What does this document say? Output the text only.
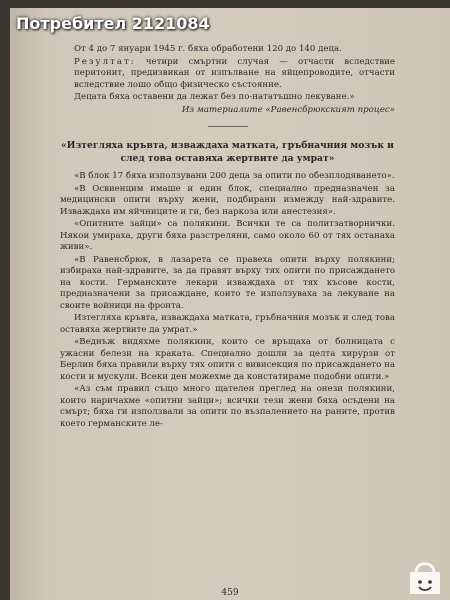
Потребител 2121084

От 4 до 7 януари 1945 г. бяха обработени 120 до 140 деца.

Резултат: четири смъртни случая — отчасти вследствие перитонит, предизвикан от изпълване на яйцепроводите, отчасти вследствие лошо общо физическо състояние.

Децата бяха оставени да лежат без по-нататъшно лекуване.»

Из материалите «Равенсбрюкският процес»

«Изтегляха кръвта, изваждаха матката, гръбначния мозък и след това оставяха жертвите да умрат»

«В блок 17 бяха използувани 200 деца за опити по обезплодяването».

«В Освиенцим имаше и един блок, специално предназначен за медицински опити върху жени, подбирани измежду най-здравите. Изваждаха им яйчниците и ги, без наркоза или анестезия».

«Опитните зайци» са полякини. Всички те са политзатворнички. Някои умираха, други бяха разстреляни, само около 60 от тях останаха живи».

«В Равенсбрюк, в лазарета се правеха опити върху полякини; избираха най-здравите, за да правят върху тях опити по присаждането на кости. Германските лекари изваждаха от тях късове кости, предназначени за присаждане, които те използуваха за лекуване на своите войници на фронта.

Изтегляха кръвта, изваждаха матката, гръбначния мозък и след това оставяха жертвите да умрат.»

«Веднъж видяхме полякини, които се връщаха от болницата с ужасни белези на краката. Специално дошли за целта хирурзи от Берлин бяха правили върху тях опити с вивисекция по присаждането на кости и мускули. Всеки ден можехме да констатираме подобни опити.»

«Аз съм правил също много щателен преглед на онези полякини, които наричахме «опитни зайци»; всички тези жени бяха осъдени на смърт; бяха ги използвали за опити по възпалението на раните, против което германските ле-

459
